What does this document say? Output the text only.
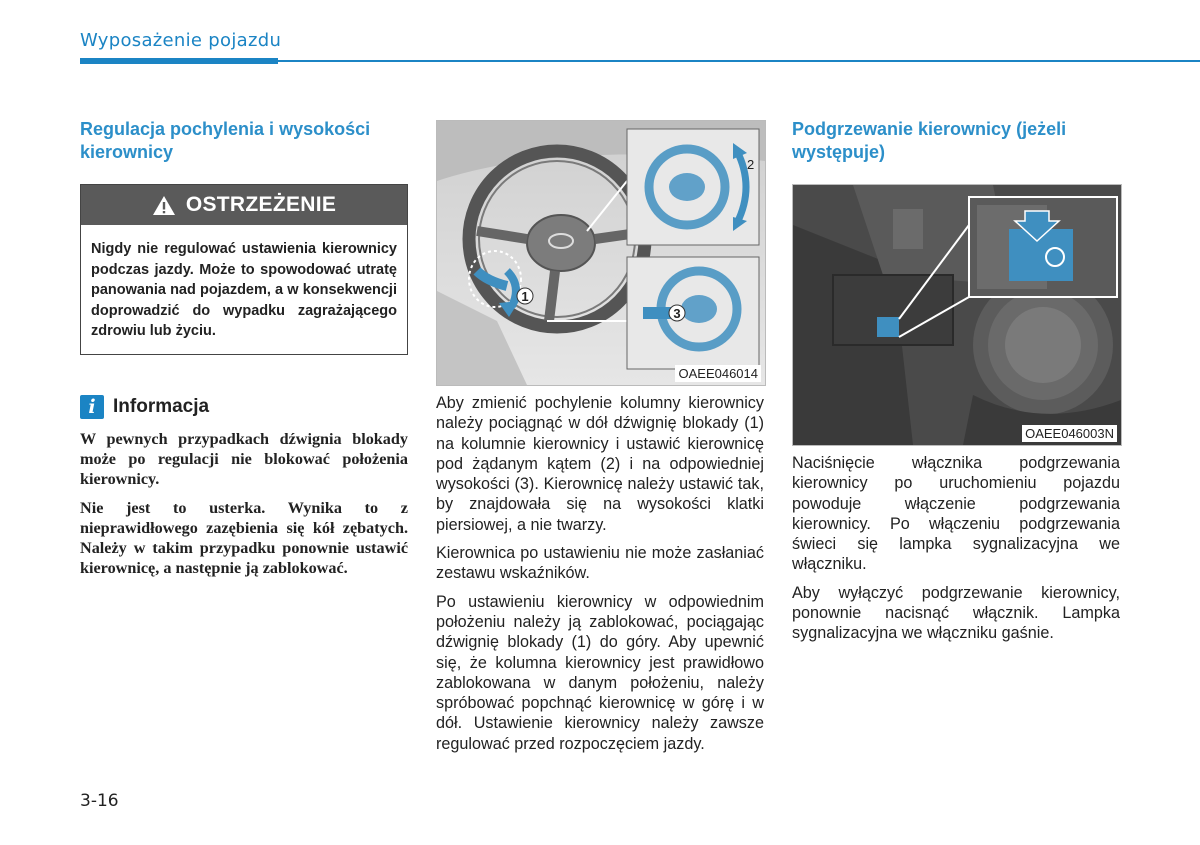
Wyposażenie pojazdu
Regulacja pochylenia i wysokości kierownicy
OSTRZEŻENIE
Nigdy nie regulować ustawienia kierownicy podczas jazdy. Może to spowodować utratę panowania nad pojazdem, a w konsekwencji doprowadzić do wypadku zagrażającego zdrowiu lub życiu.
i Informacja

W pewnych przypadkach dźwignia blokady może po regulacji nie blokować położenia kierownicy.

Nie jest to usterka. Wynika to z nieprawidłowego zazębienia się kół zębatych. Należy w takim przypadku ponownie ustawić kierownicę, a następnie ją zablokować.

1
2
3
OAEE046014

Aby zmienić pochylenie kolumny kierownicy należy pociągnąć w dół dźwignię blokady (1) na kolumnie kierownicy i ustawić kierownicę pod żądanym kątem (2) i na odpowiedniej wysokości (3). Kierownicę należy ustawić tak, by znajdowała się na wysokości klatki piersiowej, a nie twarzy.

Kierownica po ustawieniu nie może zasłaniać zestawu wskaźników.

Po ustawieniu kierownicy w odpowiednim położeniu należy ją zablokować, pociągając dźwignię blokady (1) do góry. Aby upewnić się, że kolumna kierownicy jest prawidłowo zablokowana w danym położeniu, należy spróbować popchnąć kierownicę w górę i w dół. Ustawienie kierownicy należy zawsze regulować przed rozpoczęciem jazdy.

Podgrzewanie kierownicy (jeżeli występuje)
OAEE046003N

Naciśnięcie włącznika podgrzewania kierownicy po uruchomieniu pojazdu powoduje włączenie podgrzewania kierownicy. Po włączeniu podgrzewania świeci się lampka sygnalizacyjna we włączniku.

Aby wyłączyć podgrzewanie kierownicy, ponownie nacisnąć włącznik. Lampka sygnalizacyjna we włączniku gaśnie.

3-16
